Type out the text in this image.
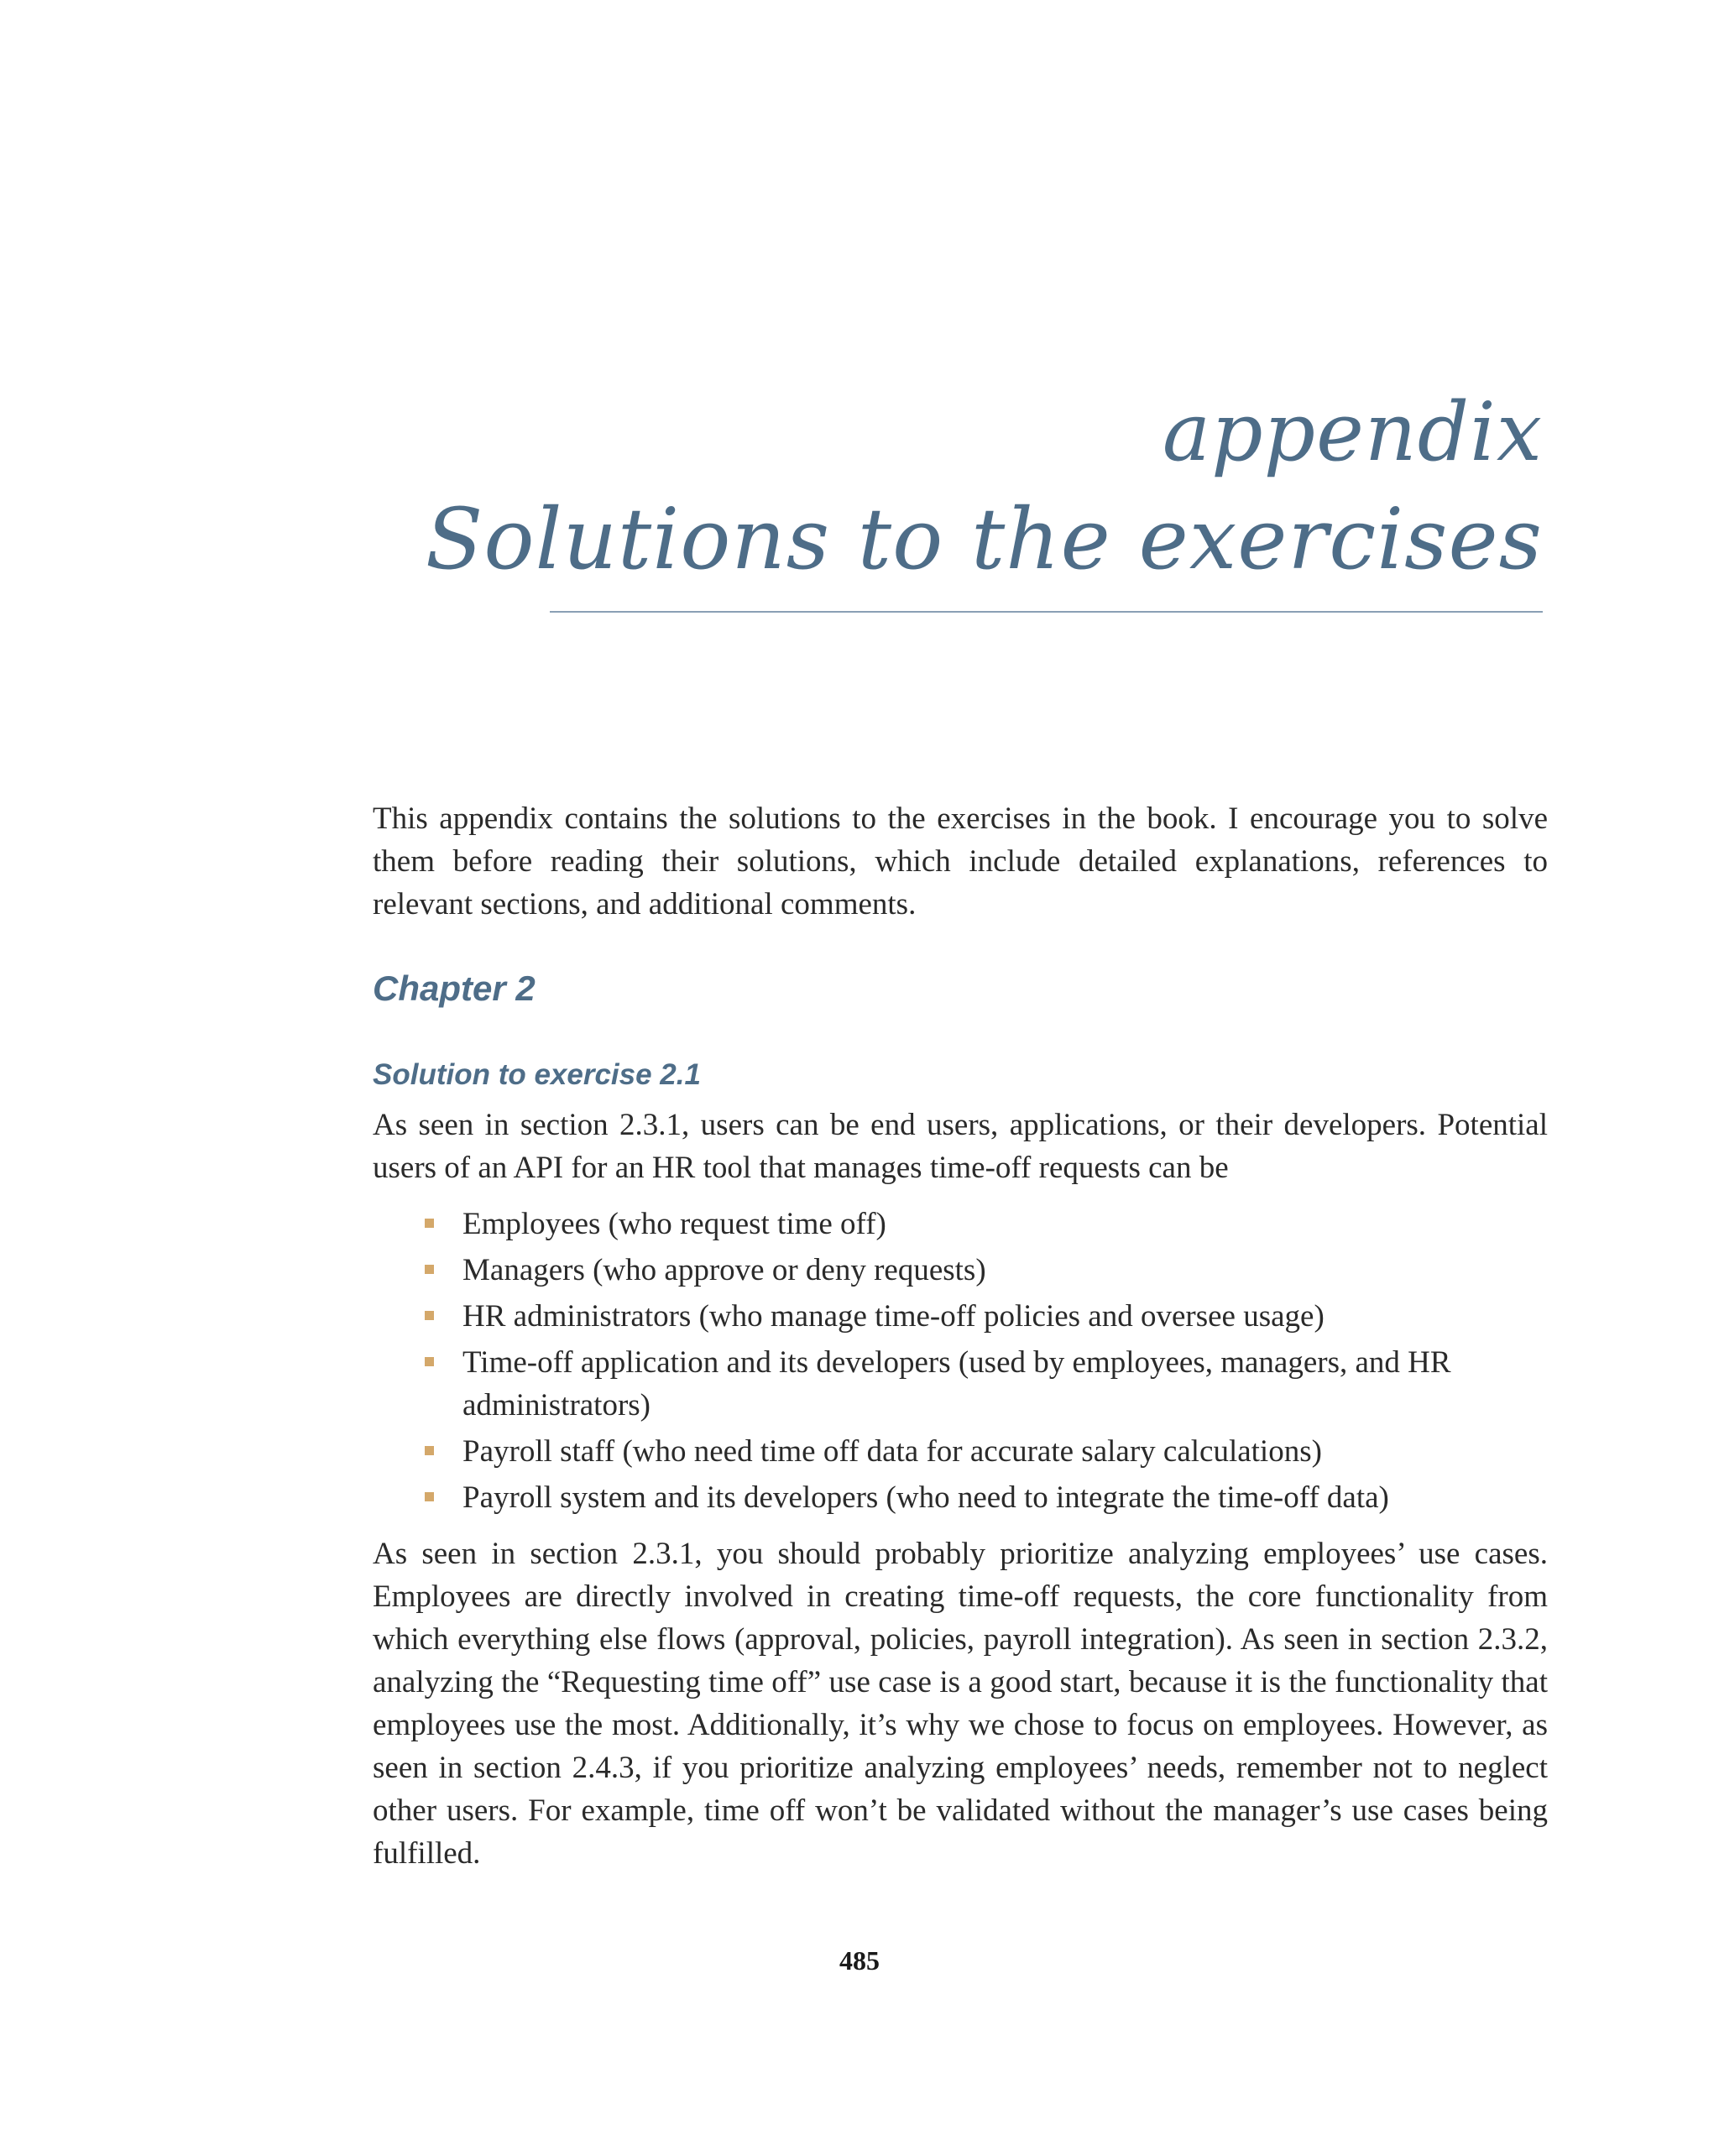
appendix
Solutions to the exercises

This appendix contains the solutions to the exercises in the book. I encourage you to solve them before reading their solutions, which include detailed explanations, references to relevant sections, and additional comments.

Chapter 2
Solution to exercise 2.1

As seen in section 2.3.1, users can be end users, applications, or their developers. Potential users of an API for an HR tool that manages time-off requests can be

Employees (who request time off)
Managers (who approve or deny requests)
HR administrators (who manage time-off policies and oversee usage)
Time-off application and its developers (used by employees, managers, and HR administrators)
Payroll staff (who need time off data for accurate salary calculations)
Payroll system and its developers (who need to integrate the time-off data)

As seen in section 2.3.1, you should probably prioritize analyzing employees’ use cases. Employees are directly involved in creating time-off requests, the core functionality from which everything else flows (approval, policies, payroll integration). As seen in section 2.3.2, analyzing the “Requesting time off” use case is a good start, because it is the functionality that employees use the most. Additionally, it’s why we chose to focus on employees. However, as seen in section 2.4.3, if you prioritize analyzing employees’ needs, remember not to neglect other users. For example, time off won’t be validated without the manager’s use cases being fulfilled.

485
